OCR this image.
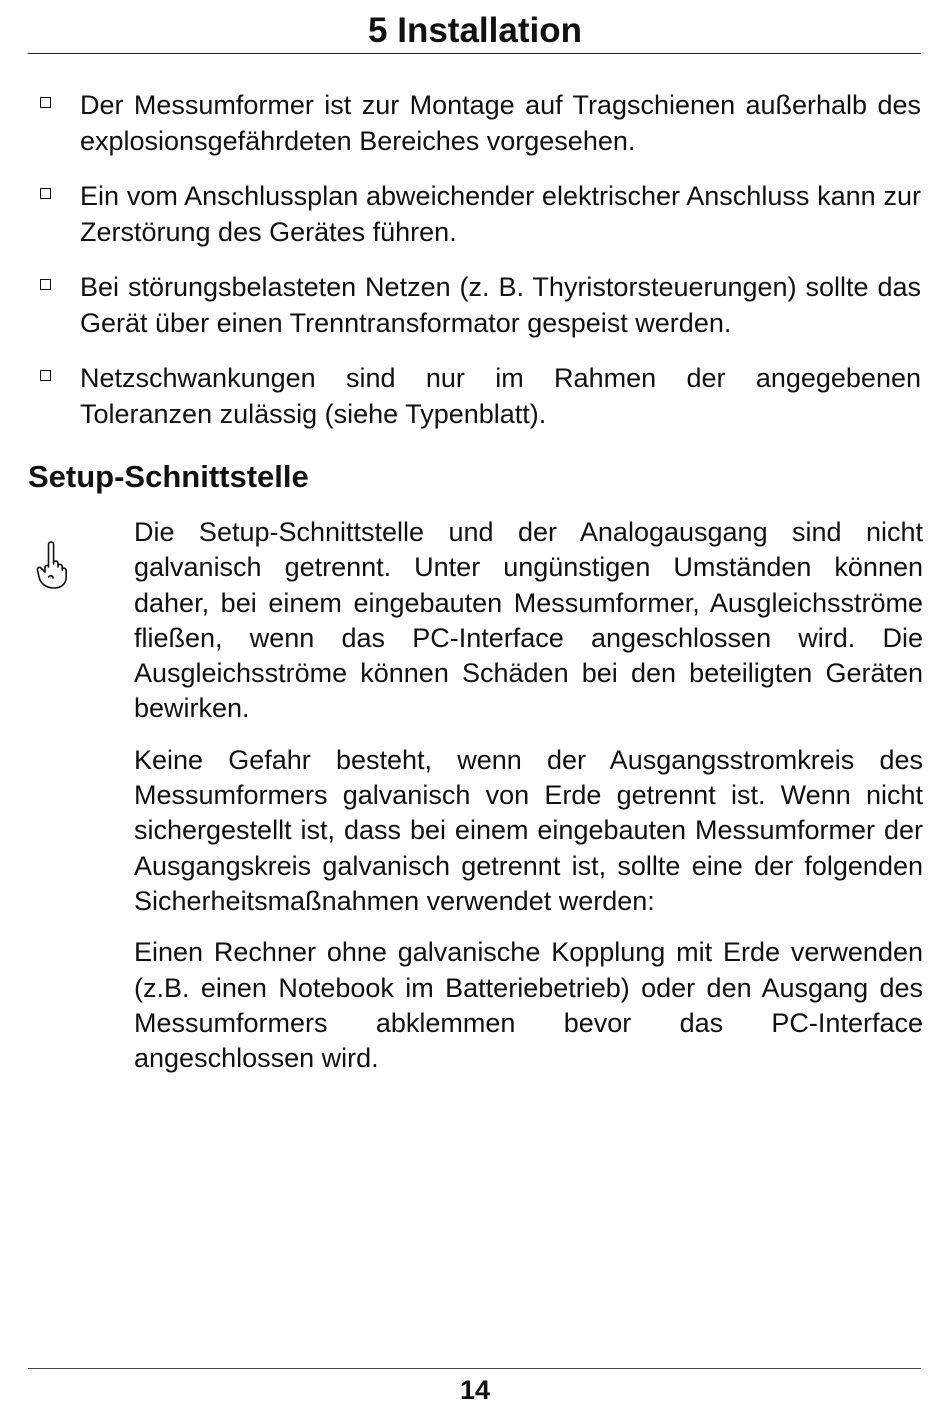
5 Installation
Der Messumformer ist zur Montage auf Tragschienen außerhalb des explosionsgefährdeten Bereiches vorgesehen.
Ein vom Anschlussplan abweichender elektrischer Anschluss kann zur Zerstörung des Gerätes führen.
Bei störungsbelasteten Netzen (z. B. Thyristorsteuerungen) sollte das Gerät über einen Trenntransformator gespeist werden.
Netzschwankungen sind nur im Rahmen der angegebenen Toleranzen zulässig (siehe Typenblatt).
Setup-Schnittstelle

Die Setup-Schnittstelle und der Analogausgang sind nicht galvanisch getrennt. Unter ungünstigen Umständen können daher, bei einem eingebauten Messumformer, Ausgleichsströme fließen, wenn das PC-Interface angeschlossen wird. Die Ausgleichsströme können Schäden bei den beteiligten Geräten bewirken.

Keine Gefahr besteht, wenn der Ausgangsstromkreis des Messumformers galvanisch von Erde getrennt ist. Wenn nicht sichergestellt ist, dass bei einem eingebauten Messumformer der Ausgangskreis galvanisch getrennt ist, sollte eine der folgenden Sicherheitsmaßnahmen verwendet werden:

Einen Rechner ohne galvanische Kopplung mit Erde verwenden (z.B. einen Notebook im Batteriebetrieb) oder den Ausgang des Messumformers abklemmen bevor das PC-Interface angeschlossen wird.

14
